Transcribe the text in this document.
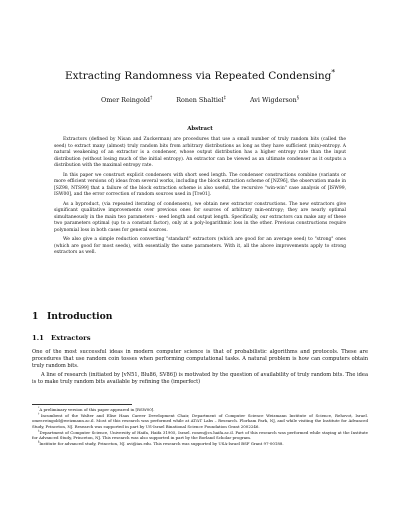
Extracting Randomness via Repeated Condensing*
Omer Reingold†	Ronen Shaltiel‡	Avi Wigderson§
Abstract

Extractors (defined by Nisan and Zuckerman) are procedures that use a small number of truly random bits (called the seed) to extract many (almost) truly random bits from arbitrary distributions as long as they have sufficient (min)-entropy. A natural weakening of an extractor is a condenser, whose output distribution has a higher entropy rate than the input distribution (without losing much of the initial entropy). An extractor can be viewed as an ultimate condenser as it outputs a distribution with the maximal entropy rate.

In this paper we construct explicit condensers with short seed length. The condenser constructions combine (variants or more efficient versions of) ideas from several works, including the block extraction scheme of [NZ96], the observation made in [SZ98, NTS99] that a failure of the block extraction scheme is also useful, the recursive "win-win" case analysis of [ISW99, ISW00], and the error correction of random sources used in [Tre01].

As a byproduct, (via repeated iterating of condensers), we obtain new extractor constructions. The new extractors give significant qualitative improvements over previous ones for sources of arbitrary min-entropy; they are nearly optimal simultaneously in the main two parameters - seed length and output length. Specifically, our extractors can make any of these two parameters optimal (up to a constant factor), only at a poly-logarithmic loss in the other. Previous constructions require polynomial loss in both cases for general sources.

We also give a simple reduction converting "standard" extractors (which are good for an average seed) to "strong" ones (which are good for most seeds), with essentially the same parameters. With it, all the above improvements apply to strong extractors as well.

1 Introduction
1.1 Extractors

One of the most successful ideas in modern computer science is that of probabilistic algorithms and protocols. These are procedures that use random coin tosses when performing computational tasks. A natural problem is how can computers obtain truly random bits.

A line of research (initiated by [vN51, Blu86, SV86]) is motivated by the question of availability of truly random bits. The idea is to make truly random bits available by refining the (imperfect)

*A preliminary version of this paper appeared in [RSW00].

†Incumbent of the Walter and Elise Haas Career Development Chair, Department of Computer Science Weizmann Institute of Science, Rehovot, Israel. omer.reingold@weizmann.ac.il. Most of this research was performed while at AT&T Labs – Research. Florham Park, NJ, and while visiting the Institute for Advanced Study, Princeton, NJ. Research was supported in part by US-Israel Binational Science Foundation Grant 2002246.

‡Department of Computer Science, University of Haifa, Haifa 31905, Israel. ronen@cs.haifa.ac.il. Part of this research was performed while staying at the Institute for Advanced Study, Princeton, NJ. This research was also supported in part by the Borland Scholar program.

§Institute for advanced study, Princeton, NJ. avi@ias.edu. This research was supported by USA-Israel BSF Grant 97-00188.
